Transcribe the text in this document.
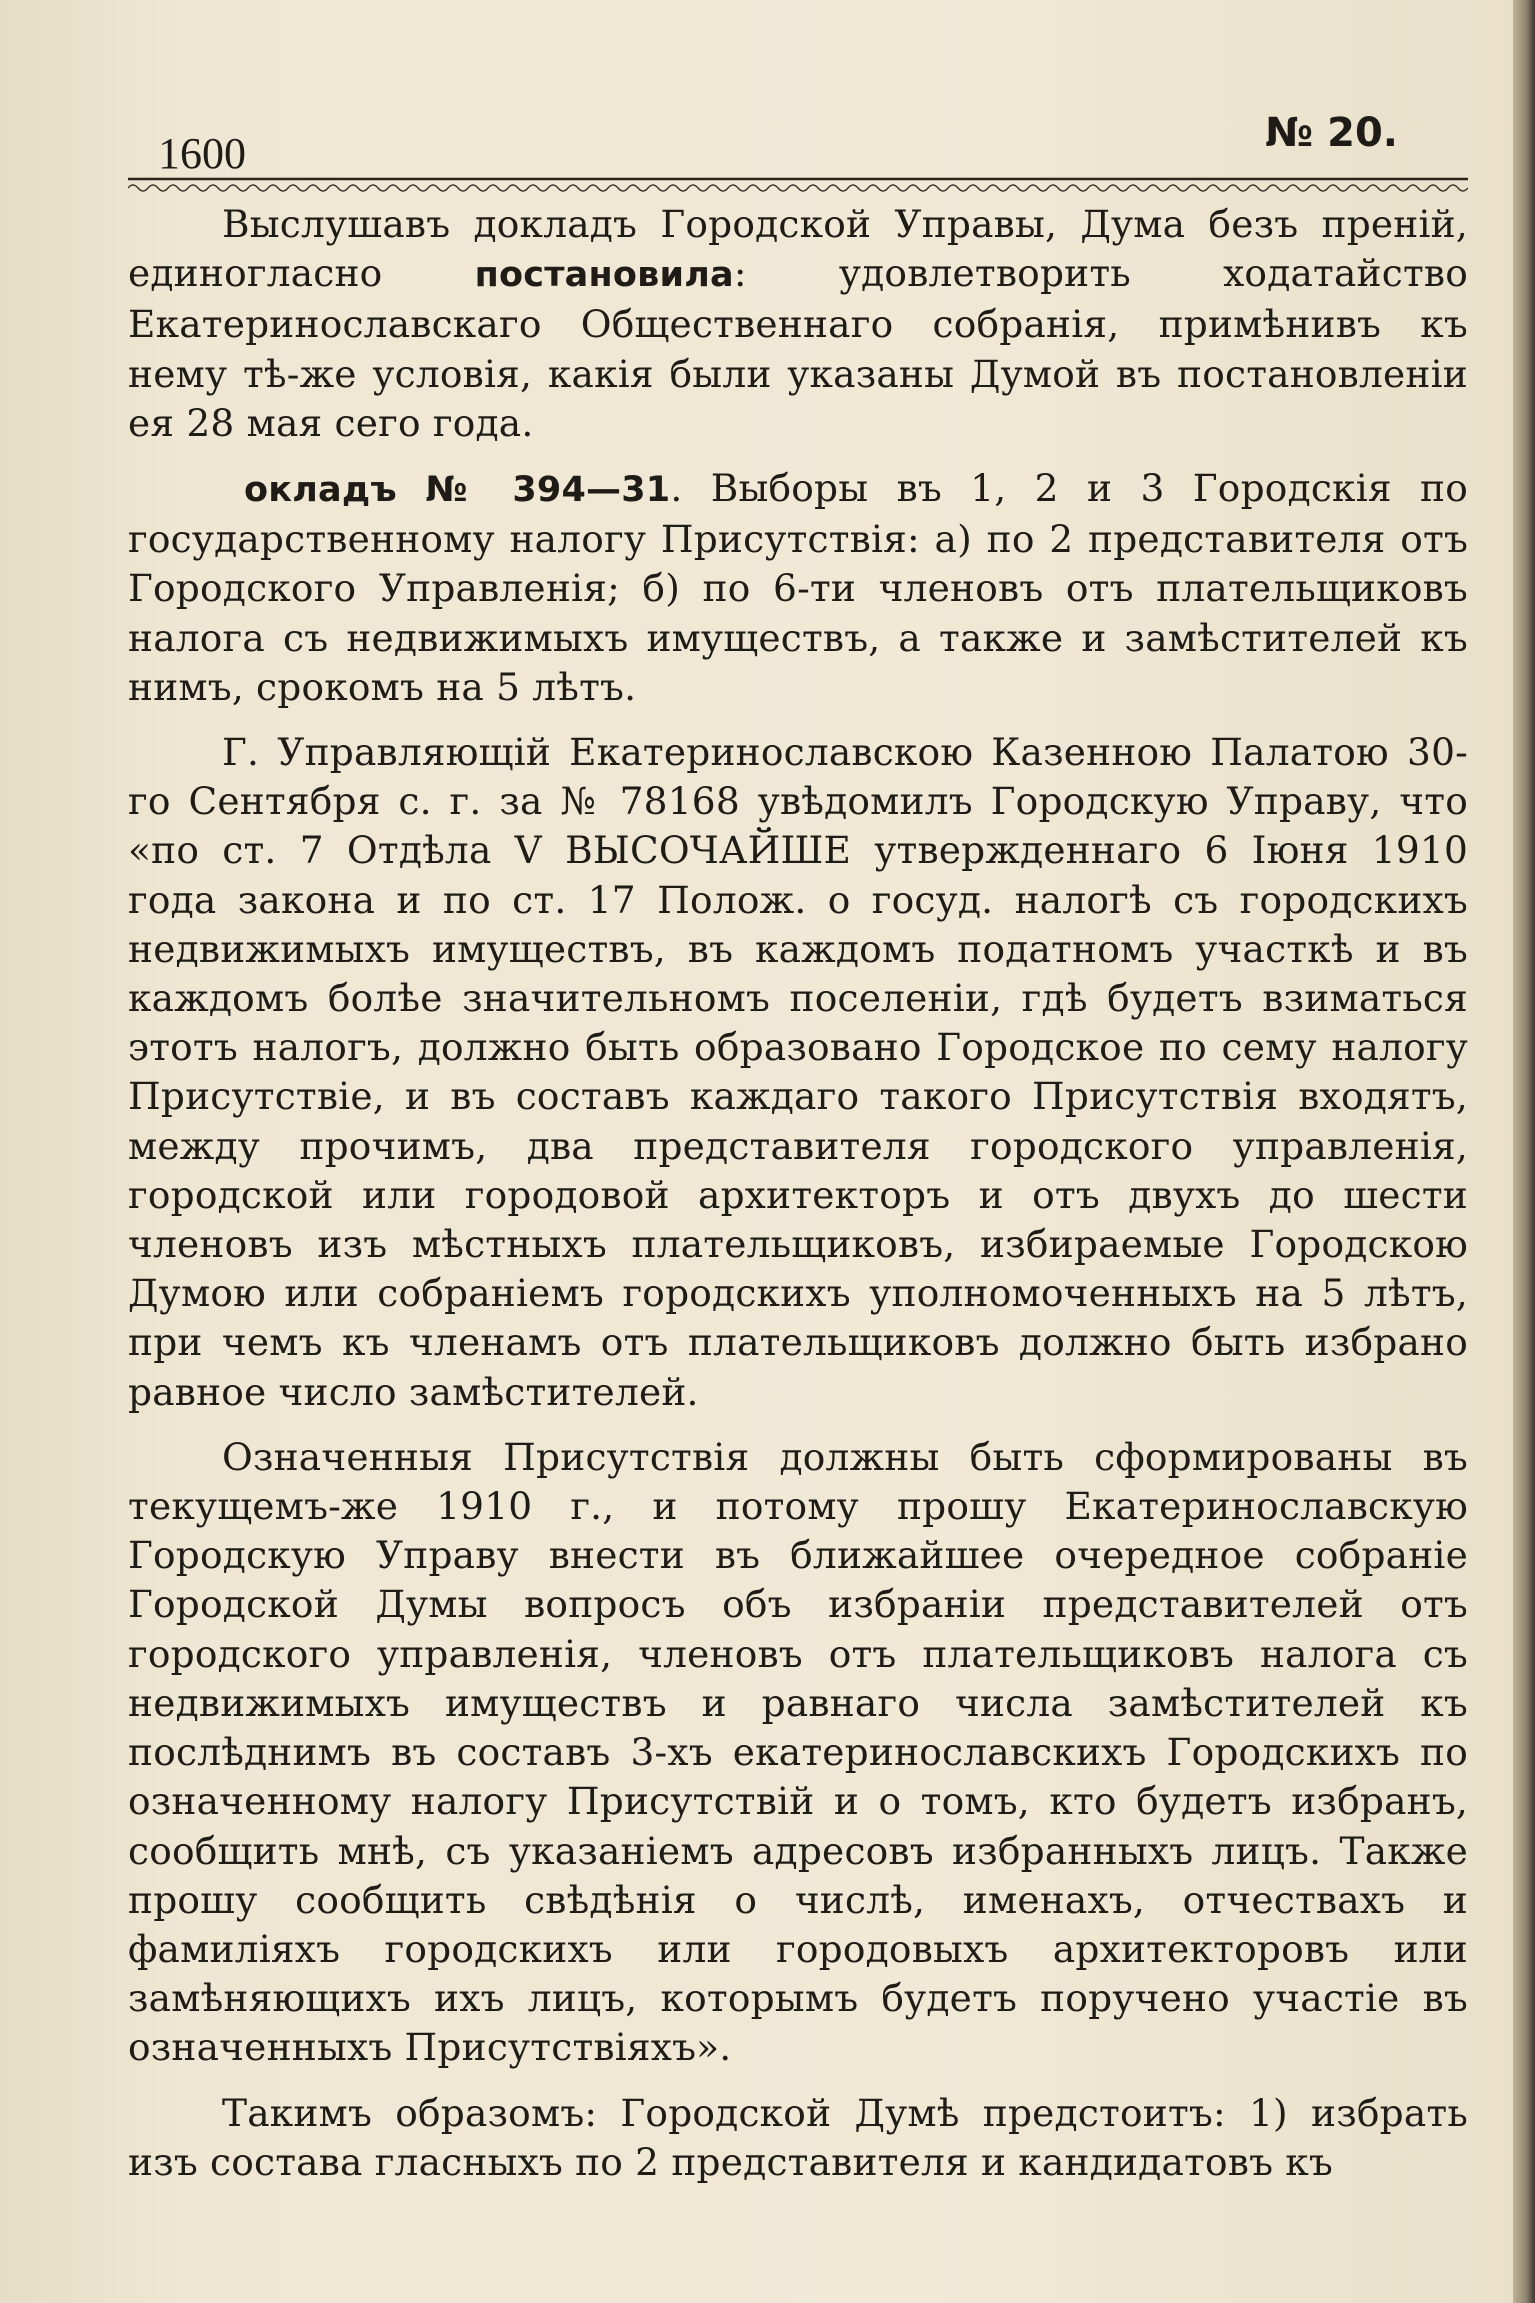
1600	№ 20.

Выслушавъ докладъ Городской Управы, Дума безъ преній, единогласно постановила: удовлетворить ходатайство Екатеринославскаго Общественнаго собранія, примѣнивъ къ нему тѣ-же условія, какія были указаны Думой въ постановленіи ея 28 мая сего года.

окладъ № 394—31. Выборы въ 1, 2 и 3 Городскія по государственному налогу Присутствія: а) по 2 представителя отъ Городского Управленія; б) по 6-ти членовъ отъ плательщиковъ налога съ недвижимыхъ имуществъ, а также и замѣстителей къ нимъ, срокомъ на 5 лѣтъ.

Г. Управляющій Екатеринославскою Казенною Палатою 30-го Сентября с. г. за № 78168 увѣдомилъ Городскую Управу, что «по ст. 7 Отдѣла V ВЫСОЧАЙШЕ утвержденнаго 6 Іюня 1910 года закона и по ст. 17 Полож. о госуд. налогѣ съ городскихъ недвижимыхъ имуществъ, въ каждомъ податномъ участкѣ и въ каждомъ болѣе значительномъ поселеніи, гдѣ будетъ взиматься этотъ налогъ, должно быть образовано Городское по сему налогу Присутствіе, и въ составъ каждаго такого Присутствія входятъ, между прочимъ, два представителя городского управленія, городской или городовой архитекторъ и отъ двухъ до шести членовъ изъ мѣстныхъ плательщиковъ, избираемые Городскою Думою или собраніемъ городскихъ уполномоченныхъ на 5 лѣтъ, при чемъ къ членамъ отъ плательщиковъ должно быть избрано равное число замѣстителей.

Означенныя Присутствія должны быть сформированы въ текущемъ-же 1910 г., и потому прошу Екатеринославскую Городскую Управу внести въ ближайшее очередное собраніе Городской Думы вопросъ объ избраніи представителей отъ городского управленія, членовъ отъ плательщиковъ налога съ недвижимыхъ имуществъ и равнаго числа замѣстителей къ послѣднимъ въ составъ 3-хъ екатеринославскихъ Городскихъ по означенному налогу Присутствій и о томъ, кто будетъ избранъ, сообщить мнѣ, съ указаніемъ адресовъ избранныхъ лицъ. Также прошу сообщить свѣдѣнія о числѣ, именахъ, отчествахъ и фамиліяхъ городскихъ или городовыхъ архитекторовъ или замѣняющихъ ихъ лицъ, которымъ будетъ поручено участіе въ означенныхъ Присутствіяхъ».

Такимъ образомъ: Городской Думѣ предстоитъ: 1) избрать изъ состава гласныхъ по 2 представителя и кандидатовъ къ
